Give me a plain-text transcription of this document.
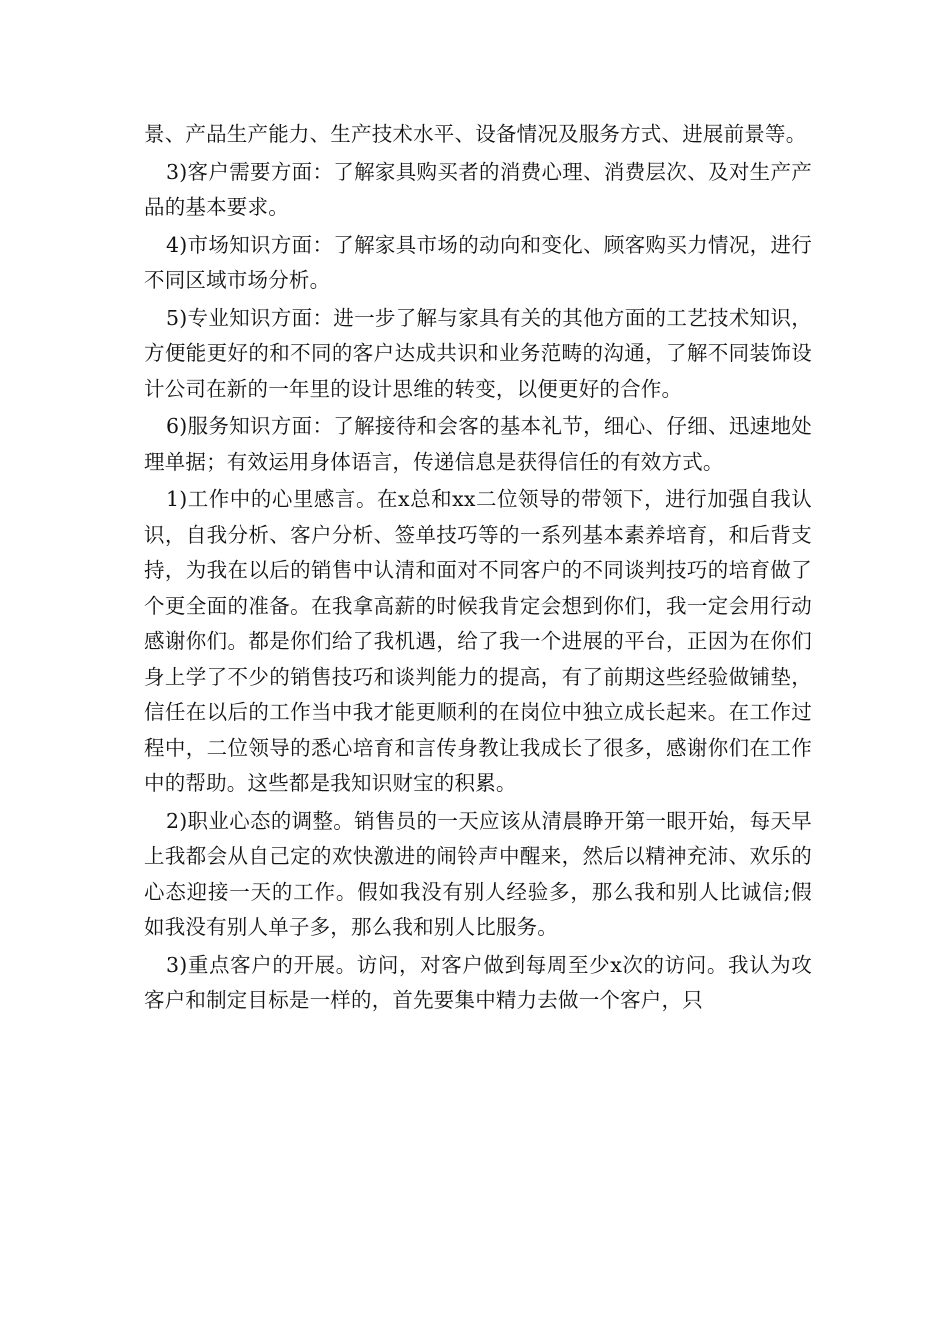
景、产品生产能力、生产技术水平、设备情况及服务方式、进展前景等。

3)客户需要方面：了解家具购买者的消费心理、消费层次、及对生产产品的基本要求。

4)市场知识方面：了解家具市场的动向和变化、顾客购买力情况，进行不同区域市场分析。

5)专业知识方面：进一步了解与家具有关的其他方面的工艺技术知识，方便能更好的和不同的客户达成共识和业务范畴的沟通，了解不同装饰设计公司在新的一年里的设计思维的转变，以便更好的合作。

6)服务知识方面：了解接待和会客的基本礼节，细心、仔细、迅速地处理单据；有效运用身体语言，传递信息是获得信任的有效方式。

1)工作中的心里感言。在x总和xx二位领导的带领下，进行加强自我认识，自我分析、客户分析、签单技巧等的一系列基本素养培育，和后背支持，为我在以后的销售中认清和面对不同客户的不同谈判技巧的培育做了个更全面的准备。在我拿高薪的时候我肯定会想到你们，我一定会用行动感谢你们。都是你们给了我机遇，给了我一个进展的平台，正因为在你们身上学了不少的销售技巧和谈判能力的提高，有了前期这些经验做铺垫，信任在以后的工作当中我才能更顺利的在岗位中独立成长起来。在工作过程中，二位领导的悉心培育和言传身教让我成长了很多，感谢你们在工作中的帮助。这些都是我知识财宝的积累。

2)职业心态的调整。销售员的一天应该从清晨睁开第一眼开始，每天早上我都会从自己定的欢快激进的闹铃声中醒来，然后以精神充沛、欢乐的心态迎接一天的工作。假如我没有别人经验多，那么我和别人比诚信;假如我没有别人单子多，那么我和别人比服务。

3)重点客户的开展。访问，对客户做到每周至少x次的访问。我认为攻客户和制定目标是一样的，首先要集中精力去做一个客户，只
